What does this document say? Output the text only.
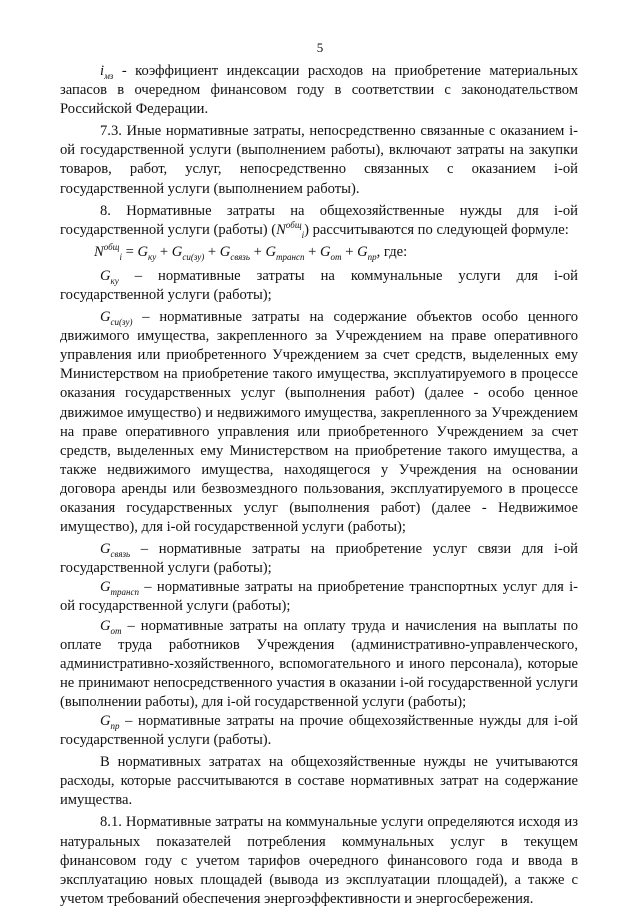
5

$i_{мз}$ - коэффициент индексации расходов на приобретение материальных запасов в очередном финансовом году в соответствии с законодательством Российской Федерации.

7.3. Иные нормативные затраты, непосредственно связанные с оказанием i-ой государственной услуги (выполнением работы), включают затраты на закупки товаров, работ, услуг, непосредственно связанных с оказанием i-ой государственной услуги (выполнением работы).

8. Нормативные затраты на общехозяйственные нужды для i-ой государственной услуги (работы) $(N^{общ}_i)$ рассчитываются по следующей формуле:

$N^{общ}_i = G_{ку} + G_{си(зу)} + G_{связь} + G_{трансп} + G_{от} + G_{пр}$, где:

$G_{ку}$ – нормативные затраты на коммунальные услуги для i-ой государственной услуги (работы);

$G_{си(зу)}$ – нормативные затраты на содержание объектов особо ценного движимого имущества, закрепленного за Учреждением на праве оперативного управления или приобретенного Учреждением за счет средств, выделенных ему Министерством на приобретение такого имущества, эксплуатируемого в процессе оказания государственных услуг (выполнения работ) (далее - особо ценное движимое имущество) и недвижимого имущества, закрепленного за Учреждением на праве оперативного управления или приобретенного Учреждением за счет средств, выделенных ему Министерством на приобретение такого имущества, а также недвижимого имущества, находящегося у Учреждения на основании договора аренды или безвозмездного пользования, эксплуатируемого в процессе оказания государственных услуг (выполнения работ) (далее - Недвижимое имущество), для i-ой государственной услуги (работы);

$G_{связь}$ – нормативные затраты на приобретение услуг связи для i-ой государственной услуги (работы);

$G_{трансп}$ – нормативные затраты на приобретение транспортных услуг для i-ой государственной услуги (работы);

$G_{от}$ – нормативные затраты на оплату труда и начисления на выплаты по оплате труда работников Учреждения (административно-управленческого, административно-хозяйственного, вспомогательного и иного персонала), которые не принимают непосредственного участия в оказании i-ой государственной услуги (выполнении работы), для i-ой государственной услуги (работы);

$G_{пр}$ – нормативные затраты на прочие общехозяйственные нужды для i-ой государственной услуги (работы).

В нормативных затратах на общехозяйственные нужды не учитываются расходы, которые рассчитываются в составе нормативных затрат на содержание имущества.

8.1. Нормативные затраты на коммунальные услуги определяются исходя из натуральных показателей потребления коммунальных услуг в текущем финансовом году с учетом тарифов очередного финансового года и ввода в эксплуатацию новых площадей (вывода из эксплуатации площадей), а также с учетом требований обеспечения энергоэффективности и энергосбережения.
